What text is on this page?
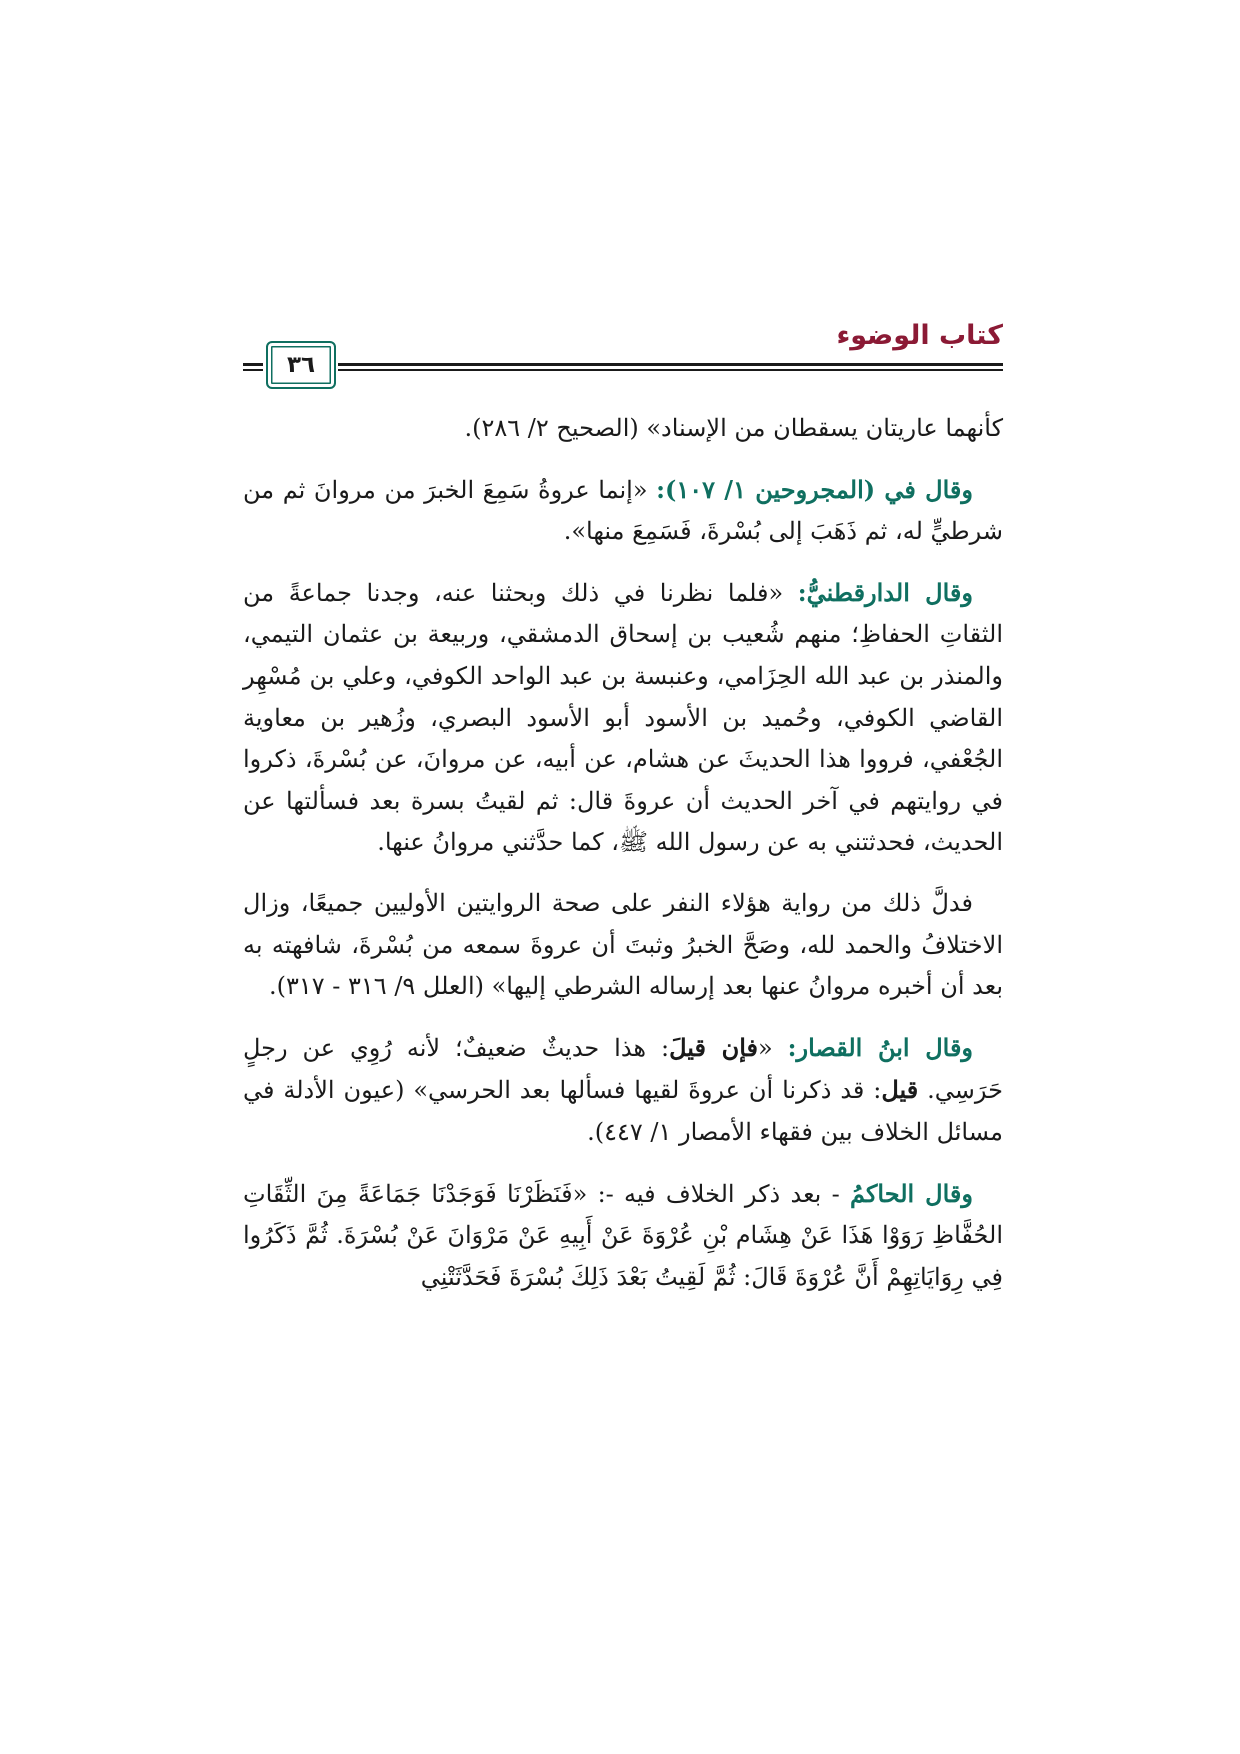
كتاب الوضوء
٣٦

كأنهما عاريتان يسقطان من الإسناد» (الصحيح ٢/ ٢٨٦).

وقال في (المجروحين ١/ ١٠٧): «إنما عروةُ سَمِعَ الخبرَ من مروانَ ثم من شرطيٍّ له، ثم ذَهَبَ إلى بُسْرةَ، فَسَمِعَ منها».

وقال الدارقطنيُّ: «فلما نظرنا في ذلك وبحثنا عنه، وجدنا جماعةً من الثقاتِ الحفاظِ؛ منهم شُعيب بن إسحاق الدمشقي، وربيعة بن عثمان التيمي، والمنذر بن عبد الله الحِزَامي، وعنبسة بن عبد الواحد الكوفي، وعلي بن مُسْهِر القاضي الكوفي، وحُميد بن الأسود أبو الأسود البصري، وزُهير بن معاوية الجُعْفي، فرووا هذا الحديثَ عن هشام، عن أبيه، عن مروانَ، عن بُسْرةَ، ذكروا في روايتهم في آخر الحديث أن عروةَ قال: ثم لقيتُ بسرة بعد فسألتها عن الحديث، فحدثتني به عن رسول الله ﷺ، كما حدَّثني مروانُ عنها.

فدلَّ ذلك من رواية هؤلاء النفر على صحة الروايتين الأوليين جميعًا، وزال الاختلافُ والحمد لله، وصَحَّ الخبرُ وثبتَ أن عروةَ سمعه من بُسْرةَ، شافهته به بعد أن أخبره مروانُ عنها بعد إرساله الشرطي إليها» (العلل ٩/ ٣١٦ - ٣١٧).

وقال ابنُ القصار: «فإن قيلَ: هذا حديثٌ ضعيفٌ؛ لأنه رُوِي عن رجلٍ حَرَسِي. قيل: قد ذكرنا أن عروةَ لقيها فسألها بعد الحرسي» (عيون الأدلة في مسائل الخلاف بين فقهاء الأمصار ١/ ٤٤٧).

وقال الحاكمُ - بعد ذكر الخلاف فيه -: «فَنَظَرْنَا فَوَجَدْنَا جَمَاعَةً مِنَ الثِّقَاتِ الحُفَّاظِ رَوَوْا هَذَا عَنْ هِشَام بْنِ عُرْوَةَ عَنْ أَبِيهِ عَنْ مَرْوَانَ عَنْ بُسْرَةَ. ثُمَّ ذَكَرُوا فِي رِوَايَاتِهِمْ أَنَّ عُرْوَةَ قَالَ: ثُمَّ لَقِيتُ بَعْدَ ذَلِكَ بُسْرَةَ فَحَدَّثَتْنِي
